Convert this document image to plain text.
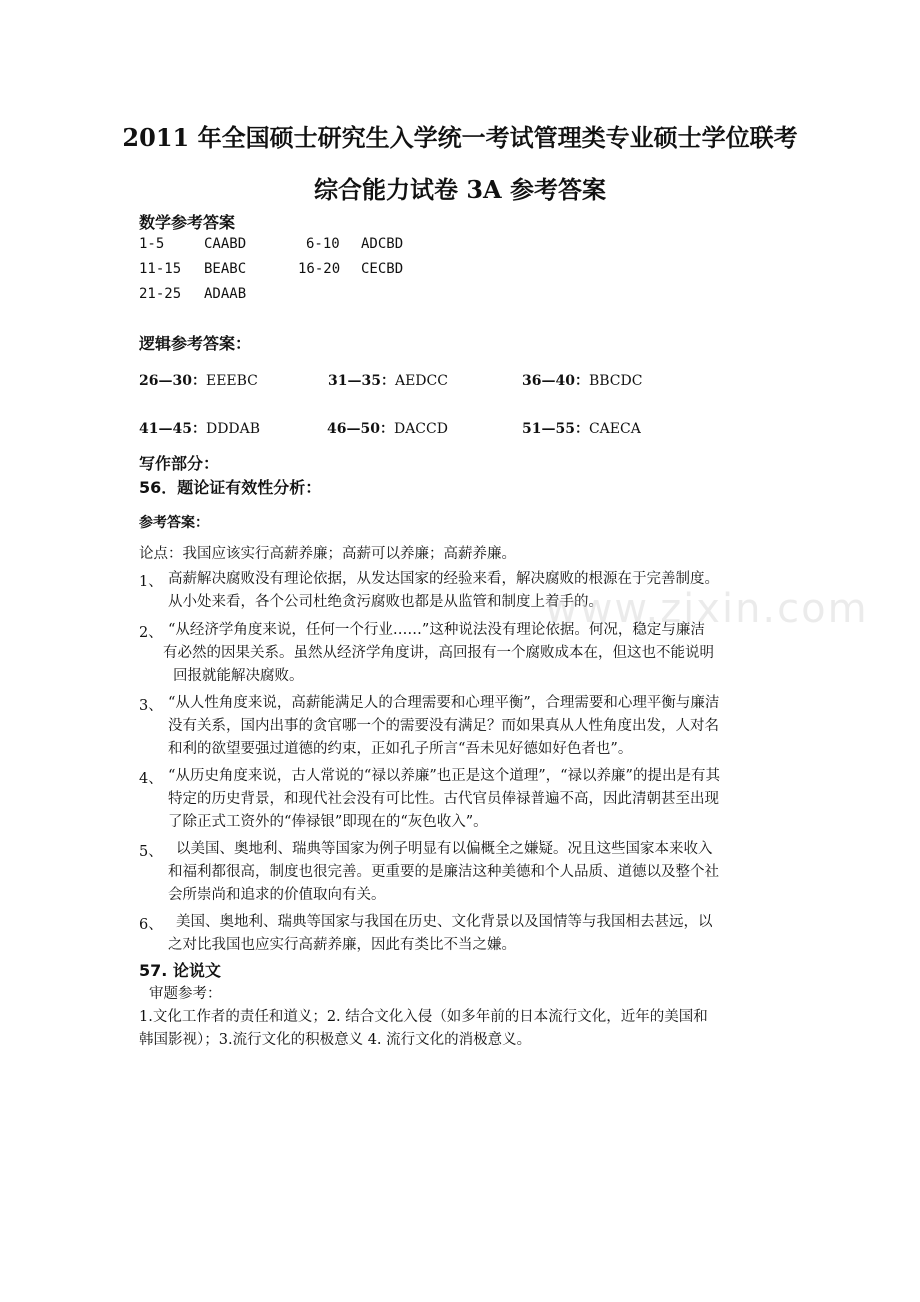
2011 年全国硕士研究生入学统一考试管理类专业硕士学位联考
综合能力试卷 3A 参考答案
数学参考答案
1-5	CAABD	6-10 ADCBD
11-15 BEABC	16-20 CECBD
21-25 ADAAB
逻辑参考答案：
26—30：EEEBC	31—35：AEDCC	36—40：BBCDC
41—45：DDDAB	46—50：DACCD	51—55：CAECA
写作部分：
56．题论证有效性分析：
参考答案：
论点：我国应该实行高薪养廉；高薪可以养廉；高薪养廉。
1、 高薪解决腐败没有理论依据，从发达国家的经验来看，解决腐败的根源在于完善制度。
从小处来看，各个公司杜绝贪污腐败也都是从监管和制度上着手的。
2、 “从经济学角度来说，任何一个行业……”这种说法没有理论依据。何况，稳定与廉洁
有必然的因果关系。虽然从经济学角度讲，高回报有一个腐败成本在，但这也不能说明
回报就能解决腐败。
3、 “从人性角度来说，高薪能满足人的合理需要和心理平衡”，合理需要和心理平衡与廉洁
没有关系，国内出事的贪官哪一个的需要没有满足？而如果真从人性角度出发，人对名
和利的欲望要强过道德的约束，正如孔子所言“吾未见好德如好色者也”。
4、 “从历史角度来说，古人常说的“禄以养廉”也正是这个道理”，“禄以养廉”的提出是有其
特定的历史背景，和现代社会没有可比性。古代官员俸禄普遍不高，因此清朝甚至出现
了除正式工资外的“俸禄银”即现在的“灰色收入”。
5、 以美国、奥地利、瑞典等国家为例子明显有以偏概全之嫌疑。况且这些国家本来收入
和福利都很高，制度也很完善。更重要的是廉洁这种美德和个人品质、道德以及整个社
会所崇尚和追求的价值取向有关。
6、 美国、奥地利、瑞典等国家与我国在历史、文化背景以及国情等与我国相去甚远，以
之对比我国也应实行高薪养廉，因此有类比不当之嫌。
57. 论说文
审题参考：
1.文化工作者的责任和道义；2. 结合文化入侵（如多年前的日本流行文化，近年的美国和
韩国影视）；3.流行文化的积极意义 4. 流行文化的消极意义。
www.zixin.com
